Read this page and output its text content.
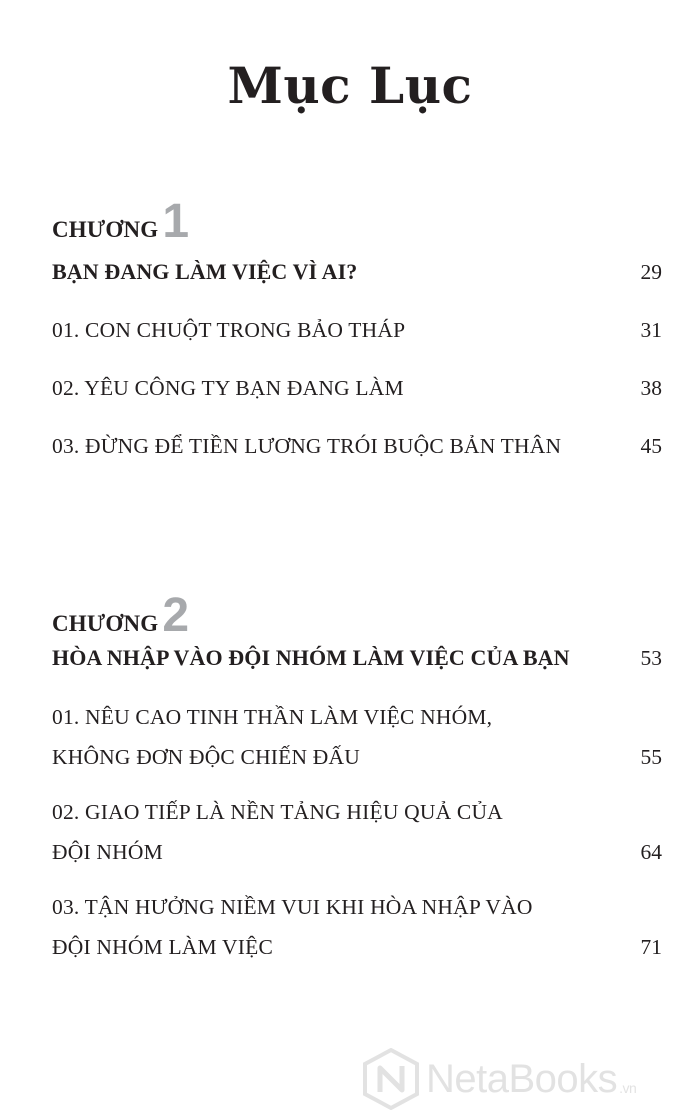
Mục Lục
CHƯƠNG 1
BẠN ĐANG LÀM VIỆC VÌ AI?	29
01. CON CHUỘT TRONG BẢO THÁP	31
02. YÊU CÔNG TY BẠN ĐANG LÀM	38
03. ĐỪNG ĐỂ TIỀN LƯƠNG TRÓI BUỘC BẢN THÂN	45
CHƯƠNG 2
HÒA NHẬP VÀO ĐỘI NHÓM LÀM VIỆC CỦA BẠN	53
01. NÊU CAO TINH THẦN LÀM VIỆC NHÓM,
KHÔNG ĐƠN ĐỘC CHIẾN ĐẤU	55
02. GIAO TIẾP LÀ NỀN TẢNG HIỆU QUẢ CỦA
ĐỘI NHÓM	64
03. TẬN HƯỞNG NIỀM VUI KHI HÒA NHẬP VÀO
ĐỘI NHÓM LÀM VIỆC	71
NetaBooks .vn
